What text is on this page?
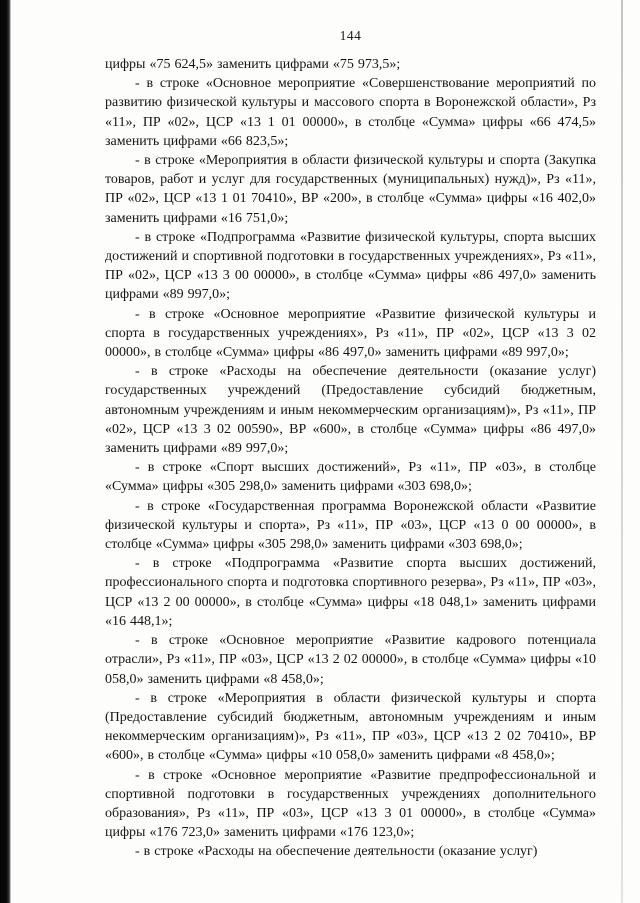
144

цифры «75 624,5» заменить цифрами «75 973,5»;

- в строке «Основное мероприятие «Совершенствование мероприятий по развитию физической культуры и массового спорта в Воронежской области», Рз «11», ПР «02», ЦСР «13 1 01 00000», в столбце «Сумма» цифры «66 474,5» заменить цифрами «66 823,5»;

- в строке «Мероприятия в области физической культуры и спорта (Закупка товаров, работ и услуг для государственных (муниципальных) нужд)», Рз «11», ПР «02», ЦСР «13 1 01 70410», ВР «200», в столбце «Сумма» цифры «16 402,0» заменить цифрами «16 751,0»;

- в строке «Подпрограмма «Развитие физической культуры, спорта высших достижений и спортивной подготовки в государственных учреждениях», Рз «11», ПР «02», ЦСР «13 3 00 00000», в столбце «Сумма» цифры «86 497,0» заменить цифрами «89 997,0»;

- в строке «Основное мероприятие «Развитие физической культуры и спорта в государственных учреждениях», Рз «11», ПР «02», ЦСР «13 3 02 00000», в столбце «Сумма» цифры «86 497,0» заменить цифрами «89 997,0»;

- в строке «Расходы на обеспечение деятельности (оказание услуг) государственных учреждений (Предоставление субсидий бюджетным, автономным учреждениям и иным некоммерческим организациям)», Рз «11», ПР «02», ЦСР «13 3 02 00590», ВР «600», в столбце «Сумма» цифры «86 497,0» заменить цифрами «89 997,0»;

- в строке «Спорт высших достижений», Рз «11», ПР «03», в столбце «Сумма» цифры «305 298,0» заменить цифрами «303 698,0»;

- в строке «Государственная программа Воронежской области «Развитие физической культуры и спорта», Рз «11», ПР «03», ЦСР «13 0 00 00000», в столбце «Сумма» цифры «305 298,0» заменить цифрами «303 698,0»;

- в строке «Подпрограмма «Развитие спорта высших достижений, профессионального спорта и подготовка спортивного резерва», Рз «11», ПР «03», ЦСР «13 2 00 00000», в столбце «Сумма» цифры «18 048,1» заменить цифрами «16 448,1»;

- в строке «Основное мероприятие «Развитие кадрового потенциала отрасли», Рз «11», ПР «03», ЦСР «13 2 02 00000», в столбце «Сумма» цифры «10 058,0» заменить цифрами «8 458,0»;

- в строке «Мероприятия в области физической культуры и спорта (Предоставление субсидий бюджетным, автономным учреждениям и иным некоммерческим организациям)», Рз «11», ПР «03», ЦСР «13 2 02 70410», ВР «600», в столбце «Сумма» цифры «10 058,0» заменить цифрами «8 458,0»;

- в строке «Основное мероприятие «Развитие предпрофессиональной и спортивной подготовки в государственных учреждениях дополнительного образования», Рз «11», ПР «03», ЦСР «13 3 01 00000», в столбце «Сумма» цифры «176 723,0» заменить цифрами «176 123,0»;

- в строке «Расходы на обеспечение деятельности (оказание услуг)
